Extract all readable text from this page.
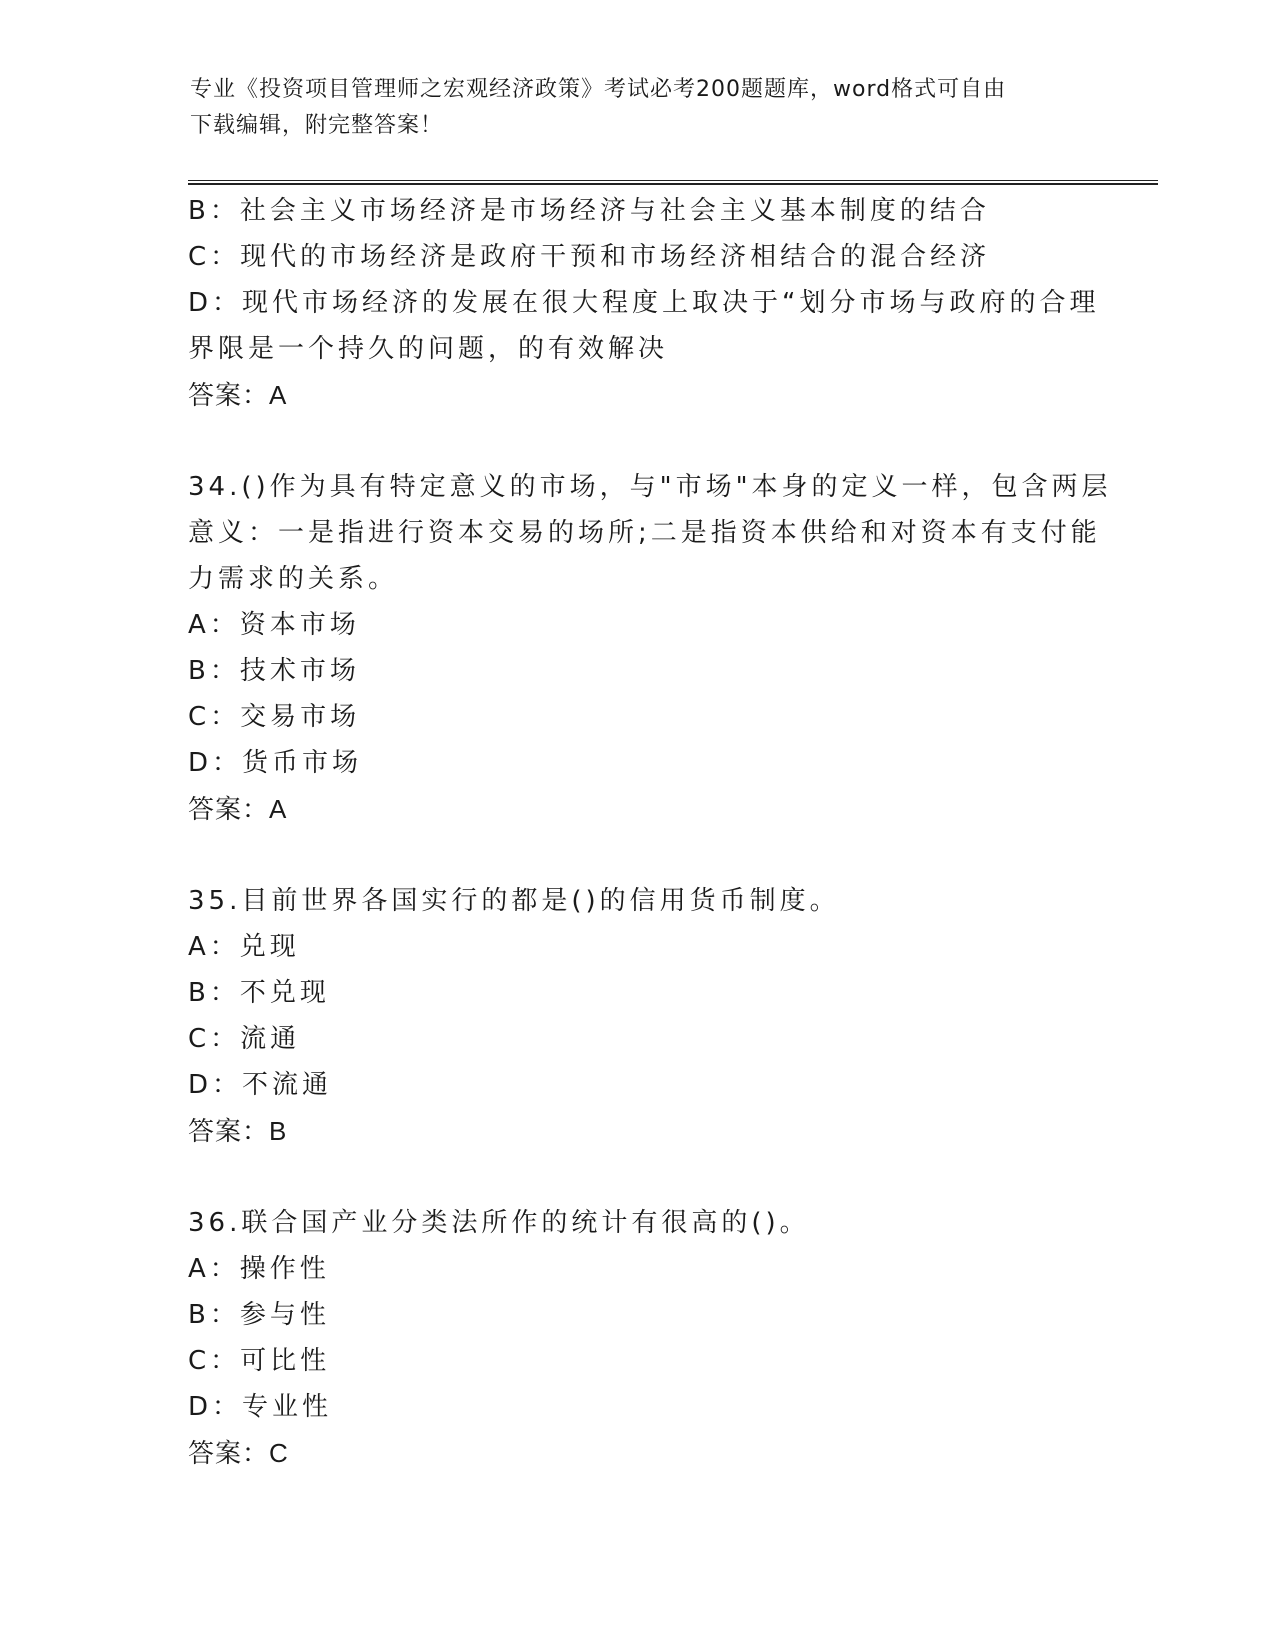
专业《投资项目管理师之宏观经济政策》考试必考200题题库，word格式可自由
下载编辑，附完整答案！
B：社会主义市场经济是市场经济与社会主义基本制度的结合
C：现代的市场经济是政府干预和市场经济相结合的混合经济
D：现代市场经济的发展在很大程度上取决于“划分市场与政府的合理
界限是一个持久的问题，的有效解决
答案：A
34.()作为具有特定意义的市场，与"市场"本身的定义一样，包含两层
意义：一是指进行资本交易的场所;二是指资本供给和对资本有支付能
力需求的关系。
A：资本市场
B：技术市场
C：交易市场
D：货币市场
答案：A
35.目前世界各国实行的都是()的信用货币制度。
A：兑现
B：不兑现
C：流通
D：不流通
答案：B
36.联合国产业分类法所作的统计有很高的()。
A：操作性
B：参与性
C：可比性
D：专业性
答案：C
